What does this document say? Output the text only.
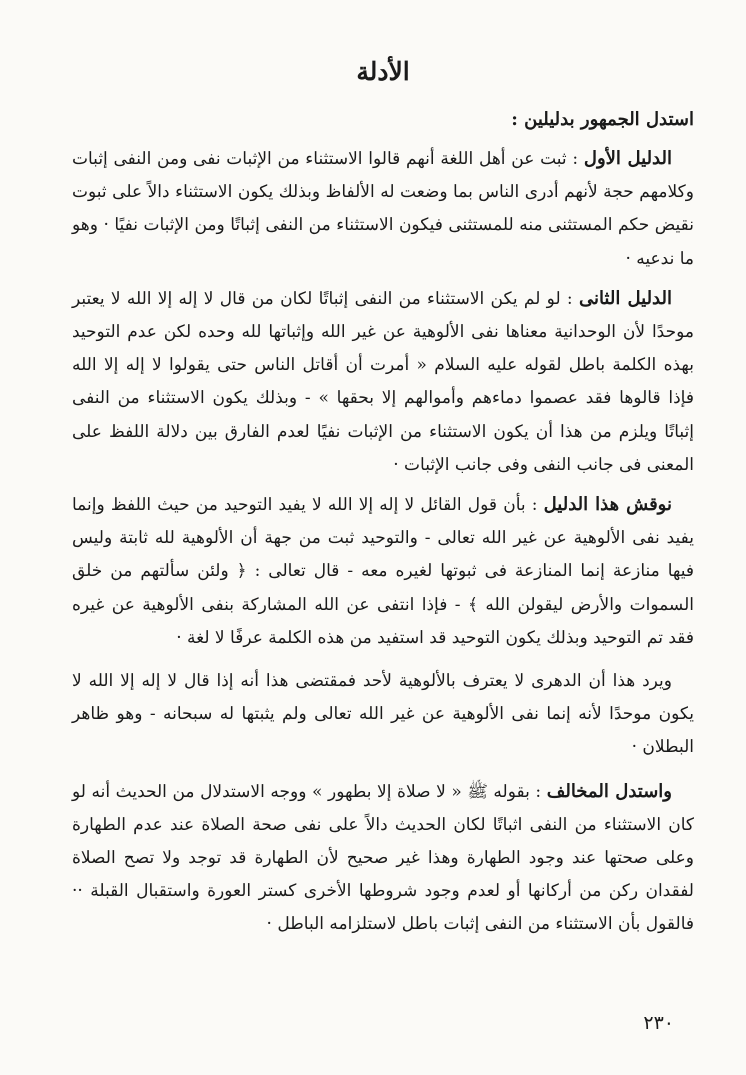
الأدلة
استدل الجمهور بدليلين :

الدليل الأول : ثبت عن أهل اللغة أنهم قالوا الاستثناء من الإثبات نفى ومن النفى إثبات وكلامهم حجة لأنهم أدرى الناس بما وضعت له الألفاظ وبذلك يكون الاستثناء دالاً على ثبوت نقيض حكم المستثنى منه للمستثنى فيكون الاستثناء من النفى إثباتًا ومن الإثبات نفيًا · وهو ما ندعيه ·

الدليل الثانى : لو لم يكن الاستثناء من النفى إثباتًا لكان من قال لا إله إلا الله لا يعتبر موحدًا لأن الوحدانية معناها نفى الألوهية عن غير الله وإثباتها لله وحده لكن عدم التوحيد بهذه الكلمة باطل لقوله عليه السلام « أمرت أن أقاتل الناس حتى يقولوا لا إله إلا الله فإذا قالوها فقد عصموا دماءهم وأموالهم إلا بحقها » - وبذلك يكون الاستثناء من النفى إثباتًا ويلزم من هذا أن يكون الاستثناء من الإثبات نفيًا لعدم الفارق بين دلالة اللفظ على المعنى فى جانب النفى وفى جانب الإثبات ·

نوقش هذا الدليل : بأن قول القائل لا إله إلا الله لا يفيد التوحيد من حيث اللفظ وإنما يفيد نفى الألوهية عن غير الله تعالى - والتوحيد ثبت من جهة أن الألوهية لله ثابتة وليس فيها منازعة إنما المنازعة فى ثبوتها لغيره معه - قال تعالى : ﴿ ولئن سألتهم من خلق السموات والأرض ليقولن الله ﴾ - فإذا انتفى عن الله المشاركة بنفى الألوهية عن غيره فقد تم التوحيد وبذلك يكون التوحيد قد استفيد من هذه الكلمة عرفًا لا لغة ·

ويرد هذا أن الدهرى لا يعترف بالألوهية لأحد فمقتضى هذا أنه إذا قال لا إله إلا الله لا يكون موحدًا لأنه إنما نفى الألوهية عن غير الله تعالى ولم يثبتها له سبحانه - وهو ظاهر البطلان ·

واستدل المخالف : بقوله ﷺ « لا صلاة إلا بطهور » ووجه الاستدلال من الحديث أنه لو كان الاستثناء من النفى اثباتًا لكان الحديث دالاً على نفى صحة الصلاة عند عدم الطهارة وعلى صحتها عند وجود الطهارة وهذا غير صحيح لأن الطهارة قد توجد ولا تصح الصلاة لفقدان ركن من أركانها أو لعدم وجود شروطها الأخرى كستر العورة واستقبال القبلة ·· فالقول بأن الاستثناء من النفى إثبات باطل لاستلزامه الباطل ·

٢٣٠
